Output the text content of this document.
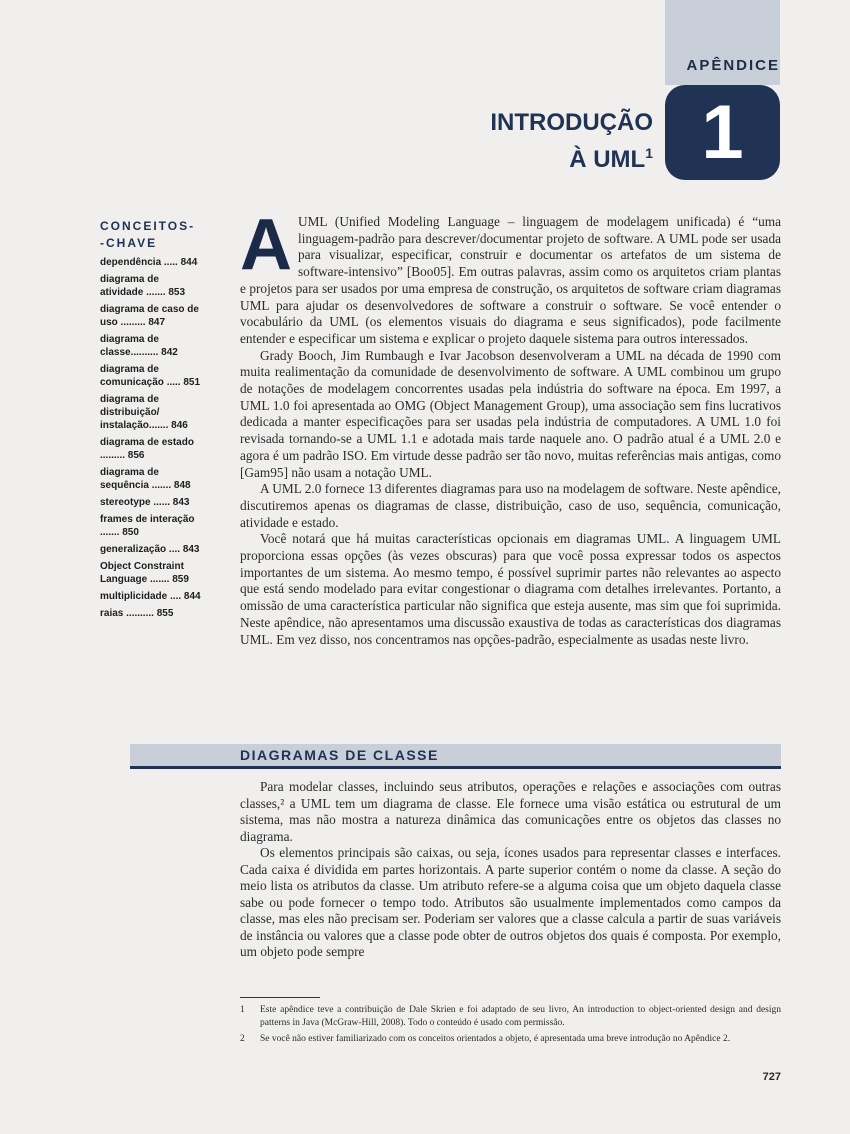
APÊNDICE
1
INTRODUÇÃO
À UML$^1$
CONCEITOS-
-CHAVE
dependência ..... 844
diagrama de atividade ....... 853
diagrama de caso de uso ......... 847
diagrama de classe.......... 842
diagrama de comunicação ..... 851
diagrama de distribuição/ instalação....... 846
diagrama de estado ......... 856
diagrama de sequência ....... 848
stereotype ...... 843
frames de interação ....... 850
generalização .... 843
Object Constraint Language ....... 859
multiplicidade .... 844
raias .......... 855
A UML (Unified Modeling Language – linguagem de modelagem unificada) é “uma linguagem-padrão para descrever/documentar projeto de software. A UML pode ser usada para visualizar, especificar, construir e documentar os artefatos de um sistema de software-intensivo” [Boo05]. Em outras palavras, assim como os arquitetos criam plantas e projetos para ser usados por uma empresa de construção, os arquitetos de software criam diagramas UML para ajudar os desenvolvedores de software a construir o software. Se você entender o vocabulário da UML (os elementos visuais do diagrama e seus significados), pode facilmente entender e especificar um sistema e explicar o projeto daquele sistema para outros interessados.

Grady Booch, Jim Rumbaugh e Ivar Jacobson desenvolveram a UML na década de 1990 com muita realimentação da comunidade de desenvolvimento de software. A UML combinou um grupo de notações de modelagem concorrentes usadas pela indústria do software na época. Em 1997, a UML 1.0 foi apresentada ao OMG (Object Management Group), uma associação sem fins lucrativos dedicada a manter especificações para ser usadas pela indústria de computadores. A UML 1.0 foi revisada tornando-se a UML 1.1 e adotada mais tarde naquele ano. O padrão atual é a UML 2.0 e agora é um padrão ISO. Em virtude desse padrão ser tão novo, muitas referências mais antigas, como [Gam95] não usam a notação UML.

A UML 2.0 fornece 13 diferentes diagramas para uso na modelagem de software. Neste apêndice, discutiremos apenas os diagramas de classe, distribuição, caso de uso, sequência, comunicação, atividade e estado.

Você notará que há muitas características opcionais em diagramas UML. A linguagem UML proporciona essas opções (às vezes obscuras) para que você possa expressar todos os aspectos importantes de um sistema. Ao mesmo tempo, é possível suprimir partes não relevantes ao aspecto que está sendo modelado para evitar congestionar o diagrama com detalhes irrelevantes. Portanto, a omissão de uma característica particular não significa que esteja ausente, mas sim que foi suprimida. Neste apêndice, não apresentamos uma discussão exaustiva de todas as características dos diagramas UML. Em vez disso, nos concentramos nas opções-padrão, especialmente as usadas neste livro.

DIAGRAMAS DE CLASSE

Para modelar classes, incluindo seus atributos, operações e relações e associações com outras classes,² a UML tem um diagrama de classe. Ele fornece uma visão estática ou estrutural de um sistema, mas não mostra a natureza dinâmica das comunicações entre os objetos das classes no diagrama.

Os elementos principais são caixas, ou seja, ícones usados para representar classes e interfaces. Cada caixa é dividida em partes horizontais. A parte superior contém o nome da classe. A seção do meio lista os atributos da classe. Um atributo refere-se a alguma coisa que um objeto daquela classe sabe ou pode fornecer o tempo todo. Atributos são usualmente implementados como campos da classe, mas eles não precisam ser. Poderiam ser valores que a classe calcula a partir de suas variáveis de instância ou valores que a classe pode obter de outros objetos dos quais é composta. Por exemplo, um objeto pode sempre

1	Este apêndice teve a contribuição de Dale Skrien e foi adaptado de seu livro, An introduction to object-oriented design and design patterns in Java (McGraw-Hill, 2008). Todo o conteúdo é usado com permissão.
2	Se você não estiver familiarizado com os conceitos orientados a objeto, é apresentada uma breve introdução no Apêndice 2.
727
